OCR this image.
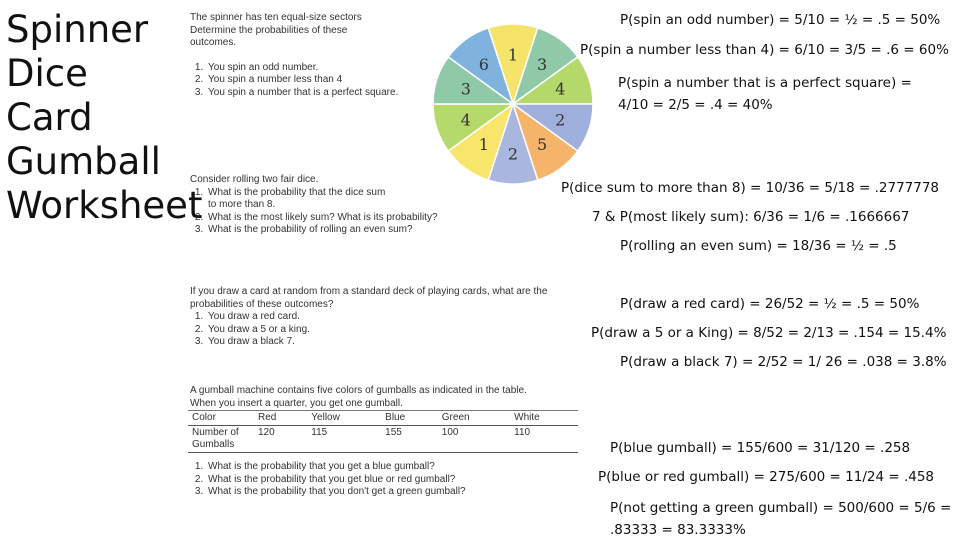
Spinner
Dice
Card
Gumball
Worksheet
The spinner has ten equal-size sectors
Determine the probabilities of these
outcomes.
1. You spin an odd number.
2. You spin a number less than 4
3. You spin a number that is a perfect square.
1 3
4
2
5
2
1
4
3
6
Consider rolling two fair dice.
1. What is the probability that the dice sum to more than 8.
2. What is the most likely sum? What is its probability?
3. What is the probability of rolling an even sum?
If you draw a card at random from a standard deck of playing cards, what are the
probabilities of these outcomes?
1. You draw a red card.
2. You draw a 5 or a king.
3. You draw a black 7.
A gumball machine contains five colors of gumballs as indicated in the table.
When you insert a quarter, you get one gumball.
Color	Red	Yellow	Blue	Green	White
Number of Gumballs	120	115	155	100	110
1. What is the probability that you get a blue gumball?
2. What is the probability that you get blue or red gumball?
3. What is the probability that you don't get a green gumball?
P(spin an odd number) = 5/10 = ½ = .5 = 50%
P(spin a number less than 4) = 6/10 = 3/5 = .6 = 60%
P(spin a number that is a perfect square) = 4/10 = 2/5 = .4 = 40%
P(dice sum to more than 8) = 10/36 = 5/18 = .2777778
7 & P(most likely sum): 6/36 = 1/6 = .1666667
P(rolling an even sum) = 18/36 = ½ = .5
P(draw a red card) = 26/52 = ½ = .5 = 50%
P(draw a 5 or a King) = 8/52 = 2/13 = .154 = 15.4%
P(draw a black 7) = 2/52 = 1/ 26 = .038 = 3.8%
P(blue gumball) = 155/600 = 31/120 = .258
P(blue or red gumball) = 275/600 = 11/24 = .458
P(not getting a green gumball) = 500/600 = 5/6 = .83333 = 83.3333%
